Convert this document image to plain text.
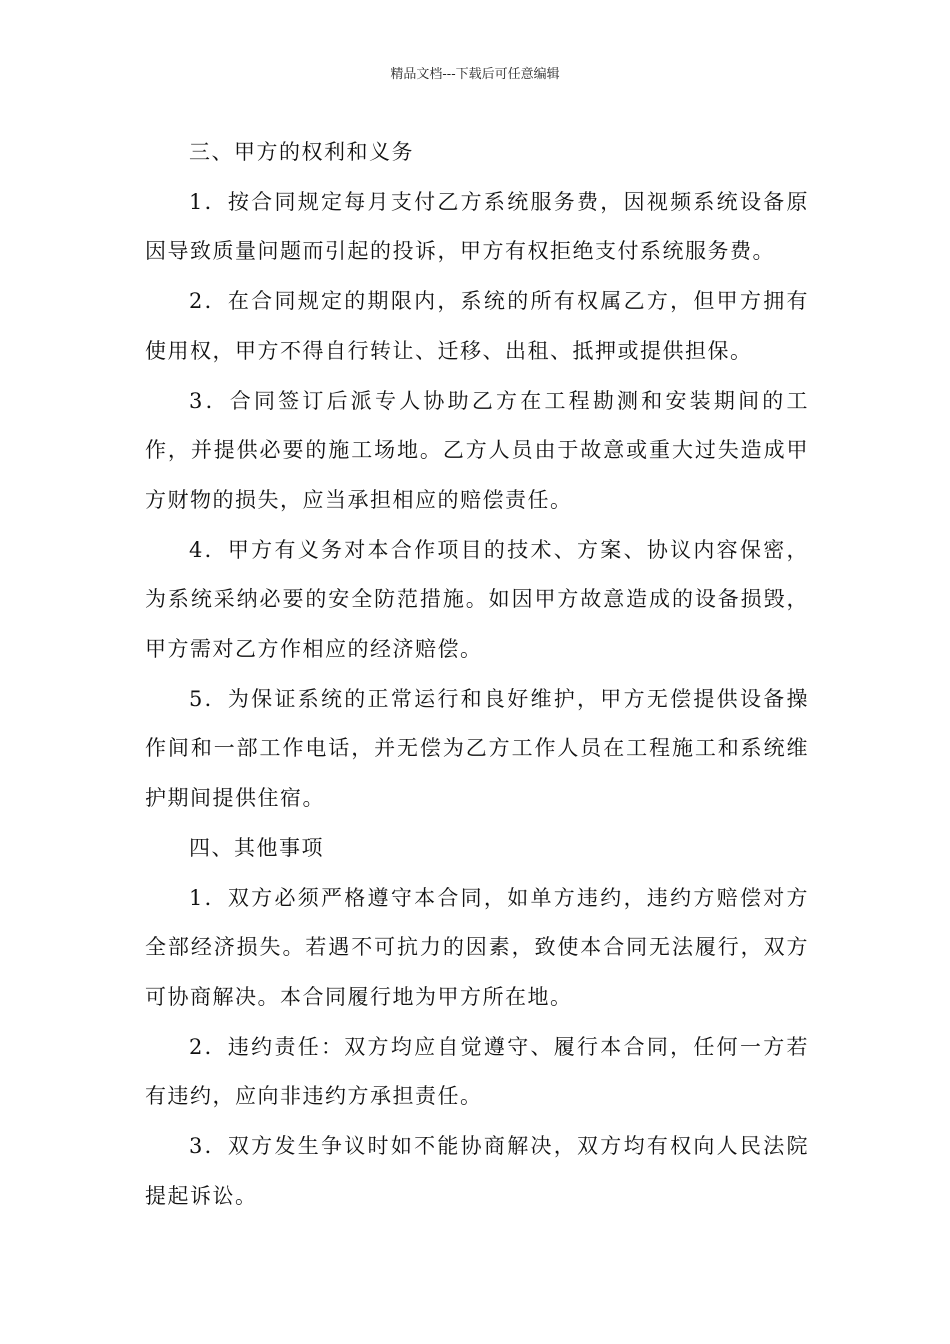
精品文档---下载后可任意编辑

三、甲方的权利和义务

1．按合同规定每月支付乙方系统服务费，因视频系统设备原因导致质量问题而引起的投诉，甲方有权拒绝支付系统服务费。

2．在合同规定的期限内，系统的所有权属乙方，但甲方拥有使用权，甲方不得自行转让、迁移、出租、抵押或提供担保。

3．合同签订后派专人协助乙方在工程勘测和安装期间的工作，并提供必要的施工场地。乙方人员由于故意或重大过失造成甲方财物的损失，应当承担相应的赔偿责任。

4．甲方有义务对本合作项目的技术、方案、协议内容保密，为系统采纳必要的安全防范措施。如因甲方故意造成的设备损毁，甲方需对乙方作相应的经济赔偿。

5．为保证系统的正常运行和良好维护，甲方无偿提供设备操作间和一部工作电话，并无偿为乙方工作人员在工程施工和系统维护期间提供住宿。

四、其他事项

1．双方必须严格遵守本合同，如单方违约，违约方赔偿对方全部经济损失。若遇不可抗力的因素，致使本合同无法履行，双方可协商解决。本合同履行地为甲方所在地。

2．违约责任：双方均应自觉遵守、履行本合同，任何一方若有违约，应向非违约方承担责任。

3．双方发生争议时如不能协商解决，双方均有权向人民法院提起诉讼。
